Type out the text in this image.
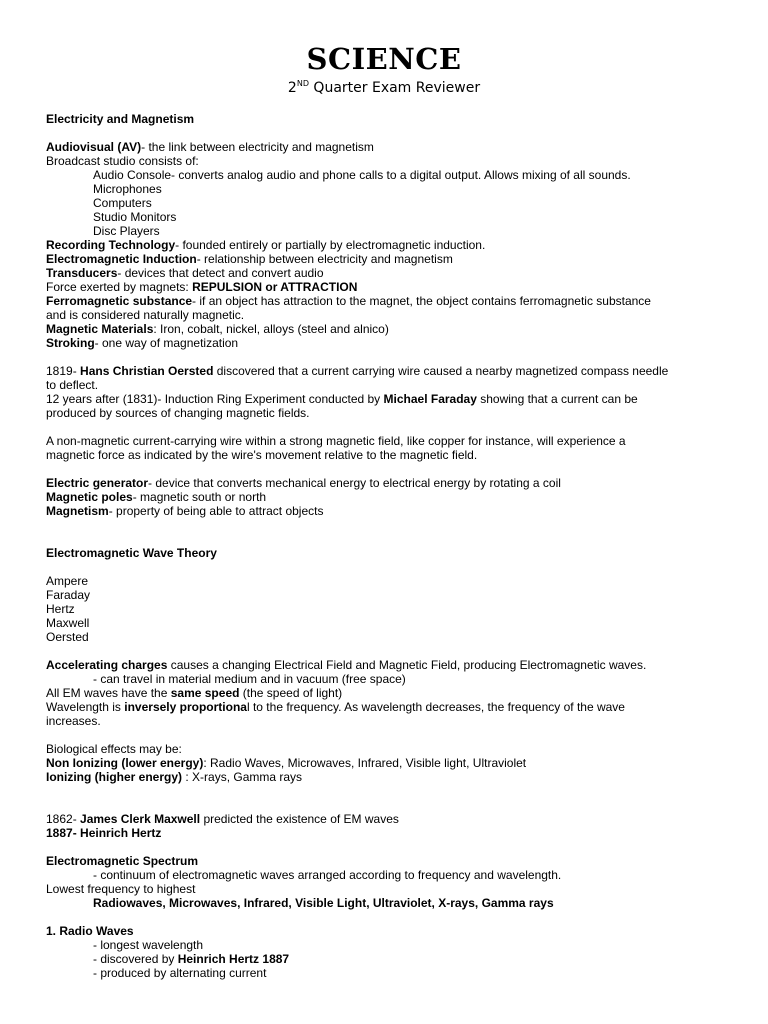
SCIENCE
2ND Quarter Exam Reviewer
Electricity and Magnetism
Audiovisual (AV)- the link between electricity and magnetism
Broadcast studio consists of:
Audio Console- converts analog audio and phone calls to a digital output. Allows mixing of all sounds.
Microphones
Computers
Studio Monitors
Disc Players
Recording Technology- founded entirely or partially by electromagnetic induction.
Electromagnetic Induction- relationship between electricity and magnetism
Transducers- devices that detect and convert audio
Force exerted by magnets: REPULSION or ATTRACTION
Ferromagnetic substance- if an object has attraction to the magnet, the object contains ferromagnetic substance
and is considered naturally magnetic.
Magnetic Materials: Iron, cobalt, nickel, alloys (steel and alnico)
Stroking- one way of magnetization
1819- Hans Christian Oersted discovered that a current carrying wire caused a nearby magnetized compass needle
to deflect.
12 years after (1831)- Induction Ring Experiment conducted by Michael Faraday showing that a current can be
produced by sources of changing magnetic fields.
A non-magnetic current-carrying wire within a strong magnetic field, like copper for instance, will experience a
magnetic force as indicated by the wire's movement relative to the magnetic field.
Electric generator- device that converts mechanical energy to electrical energy by rotating a coil
Magnetic poles- magnetic south or north
Magnetism- property of being able to attract objects
Electromagnetic Wave Theory
Ampere
Faraday
Hertz
Maxwell
Oersted
Accelerating charges causes a changing Electrical Field and Magnetic Field, producing Electromagnetic waves.
- can travel in material medium and in vacuum (free space)
All EM waves have the same speed (the speed of light)
Wavelength is inversely proportional to the frequency. As wavelength decreases, the frequency of the wave
increases.
Biological effects may be:
Non Ionizing (lower energy): Radio Waves, Microwaves, Infrared, Visible light, Ultraviolet
Ionizing (higher energy) : X-rays, Gamma rays
1862- James Clerk Maxwell predicted the existence of EM waves
1887- Heinrich Hertz
Electromagnetic Spectrum
- continuum of electromagnetic waves arranged according to frequency and wavelength.
Lowest frequency to highest
Radiowaves, Microwaves, Infrared, Visible Light, Ultraviolet, X-rays, Gamma rays
1. Radio Waves
- longest wavelength
- discovered by Heinrich Hertz 1887
- produced by alternating current
